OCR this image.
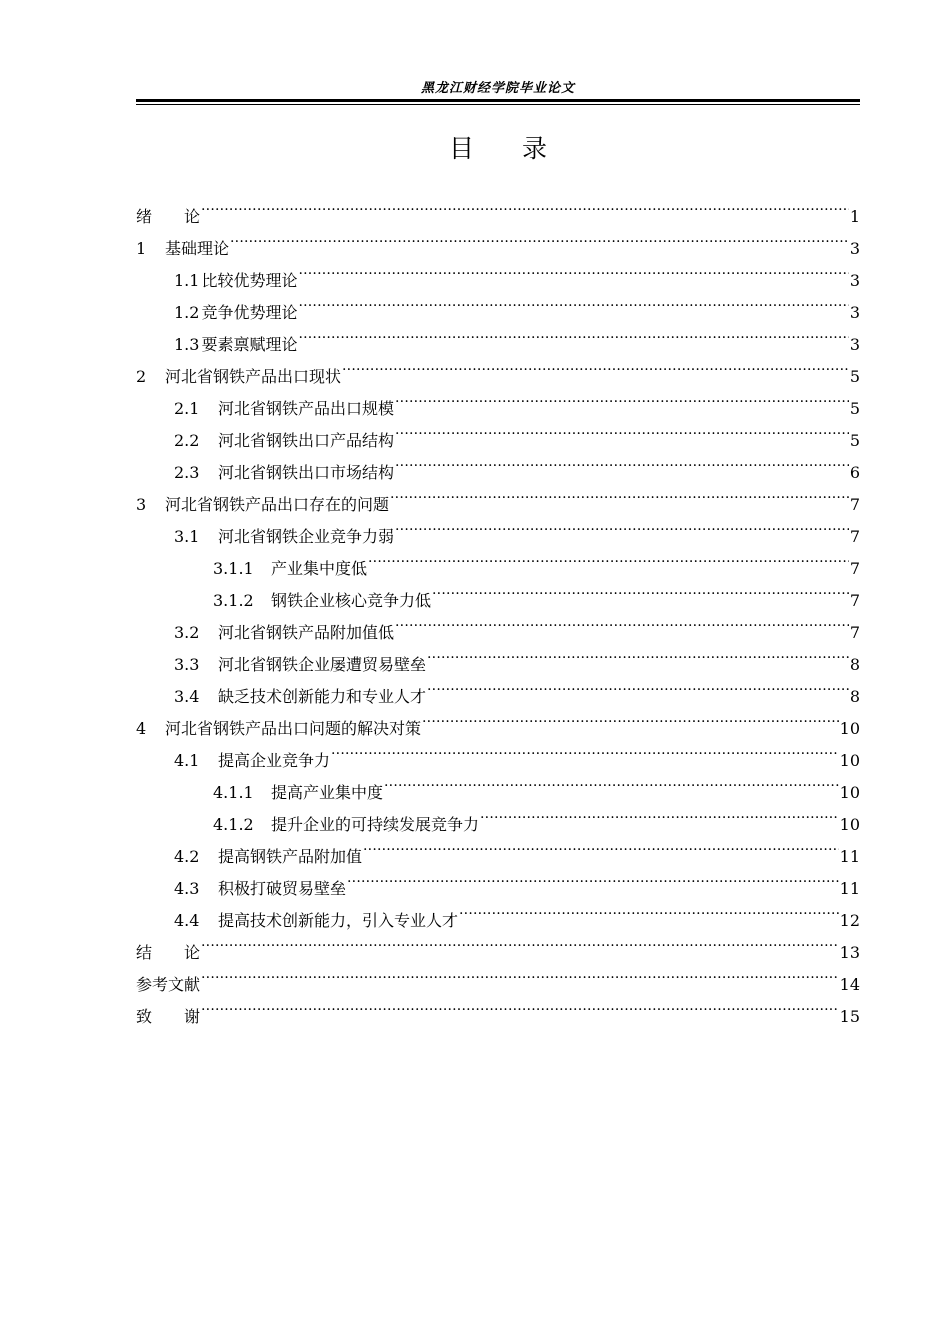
黑龙江财经学院毕业论文
目 录
绪 论 .....	1
1	基础理论 .....	3
1.1 比较优势理论 .....	3
1.2 竞争优势理论 .....	3
1.3 要素禀赋理论 .....	3
2	河北省钢铁产品出口现状 .....	5
2.1	河北省钢铁产品出口规模 .....	5
2.2	河北省钢铁出口产品结构 .....	5
2.3	河北省钢铁出口市场结构 .....	6
3	河北省钢铁产品出口存在的问题 .....	7
3.1	河北省钢铁企业竞争力弱 .....	7
3.1.1	产业集中度低 .....	7
3.1.2	钢铁企业核心竞争力低 .....	7
3.2	河北省钢铁产品附加值低 .....	7
3.3	河北省钢铁企业屡遭贸易壁垒 .....	8
3.4	缺乏技术创新能力和专业人才 .....	8
4	河北省钢铁产品出口问题的解决对策 .....	10
4.1	提高企业竞争力 .....	10
4.1.1	提高产业集中度 .....	10
4.1.2	提升企业的可持续发展竞争力 .....	10
4.2	提高钢铁产品附加值 .....	11
4.3	积极打破贸易壁垒 .....	11
4.4	提高技术创新能力，引入专业人才 .....	12
结 论 .....	13
参考文献 .....	14
致 谢 .....	15
